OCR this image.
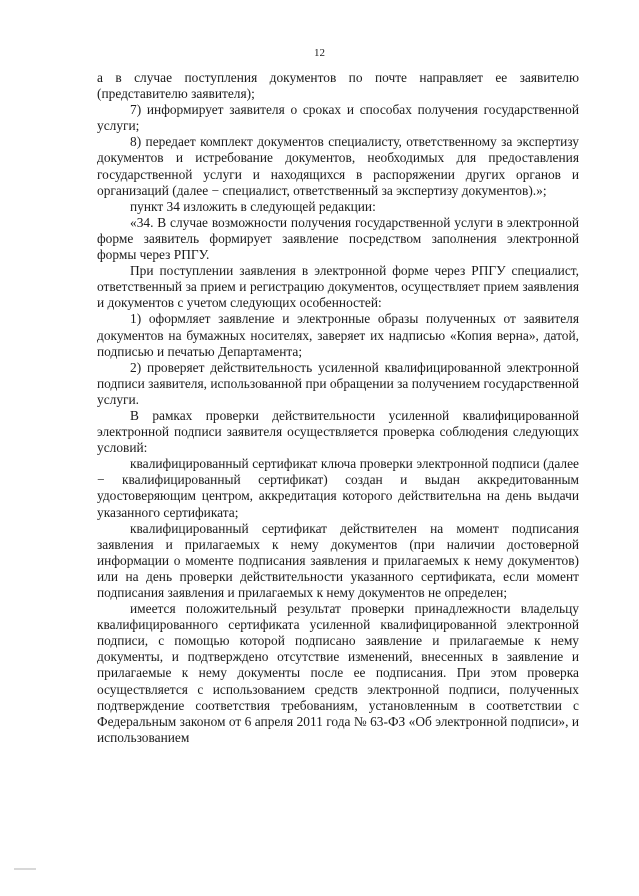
12

а в случае поступления документов по почте направляет ее заявителю (представителю заявителя);

7) информирует заявителя о сроках и способах получения государственной услуги;

8) передает комплект документов специалисту, ответственному за экспертизу документов и истребование документов, необходимых для предоставления государственной услуги и находящихся в распоряжении других органов и организаций (далее − специалист, ответственный за экспертизу документов).»;

пункт 34 изложить в следующей редакции:

«34. В случае возможности получения государственной услуги в электронной форме заявитель формирует заявление посредством заполнения электронной формы через РПГУ.

При поступлении заявления в электронной форме через РПГУ специалист, ответственный за прием и регистрацию документов, осуществляет прием заявления и документов с учетом следующих особенностей:

1) оформляет заявление и электронные образы полученных от заявителя документов на бумажных носителях, заверяет их надписью «Копия верна», датой, подписью и печатью Департамента;

2) проверяет действительность усиленной квалифицированной электронной подписи заявителя, использованной при обращении за получением государственной услуги.

В рамках проверки действительности усиленной квалифицированной электронной подписи заявителя осуществляется проверка соблюдения следующих условий:

квалифицированный сертификат ключа проверки электронной подписи (далее − квалифицированный сертификат) создан и выдан аккредитованным удостоверяющим центром, аккредитация которого действительна на день выдачи указанного сертификата;

квалифицированный сертификат действителен на момент подписания заявления и прилагаемых к нему документов (при наличии достоверной информации о моменте подписания заявления и прилагаемых к нему документов) или на день проверки действительности указанного сертификата, если момент подписания заявления и прилагаемых к нему документов не определен;

имеется положительный результат проверки принадлежности владельцу квалифицированного сертификата усиленной квалифицированной электронной подписи, с помощью которой подписано заявление и прилагаемые к нему документы, и подтверждено отсутствие изменений, внесенных в заявление и прилагаемые к нему документы после ее подписания. При этом проверка осуществляется с использованием средств электронной подписи, полученных подтверждение соответствия требованиям, установленным в соответствии с Федеральным законом от 6 апреля 2011 года № 63-ФЗ «Об электронной подписи», и использованием
